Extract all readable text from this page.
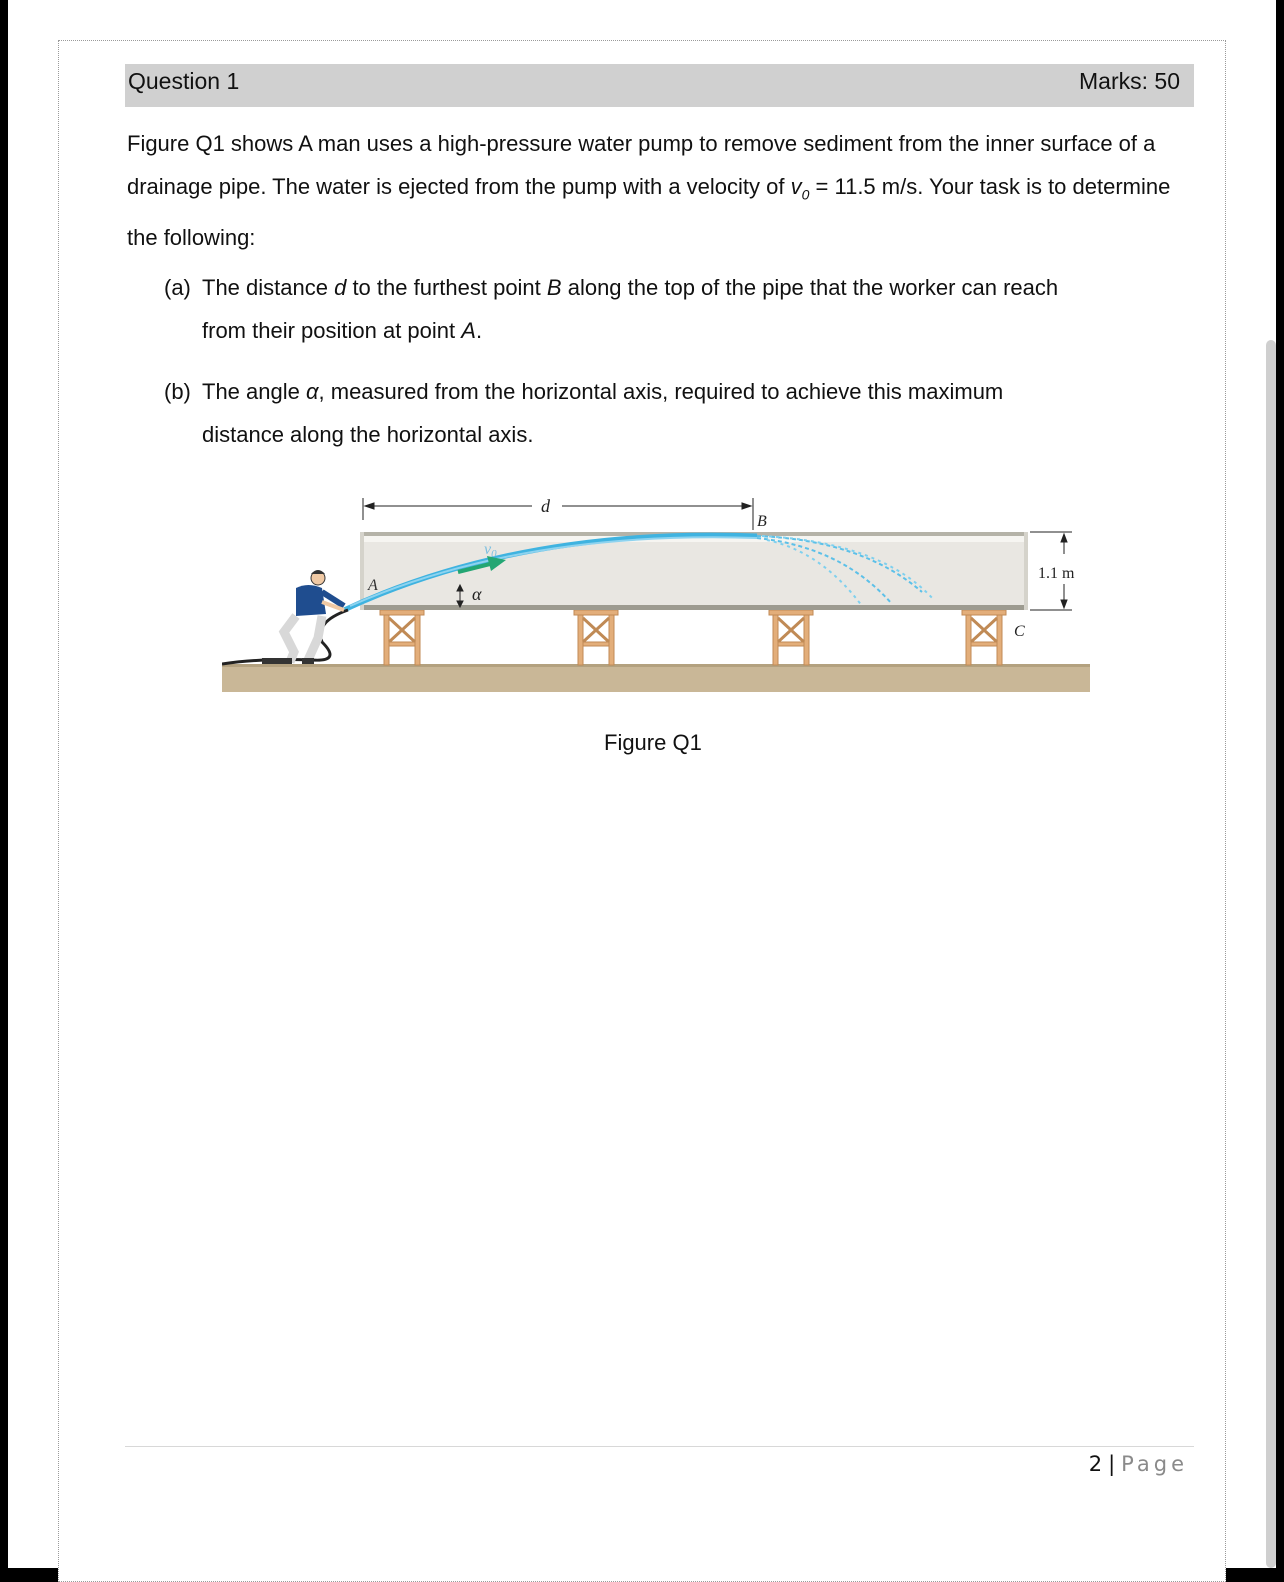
Question 1	Marks: 50
Figure Q1 shows A man uses a high-pressure water pump to remove sediment from the inner surface of a drainage pipe. The water is ejected from the pump with a velocity of $v_0 = 11.5$ m/s. Your task is to determine the following:
(a) The distance d to the furthest point B along the top of the pipe that the worker can reach
from their position at point A.
(b) The angle α, measured from the horizontal axis, required to achieve this maximum
distance along the horizontal axis.
v0
α
A
d
B
1.1 m
C
Figure Q1
2 | Page
